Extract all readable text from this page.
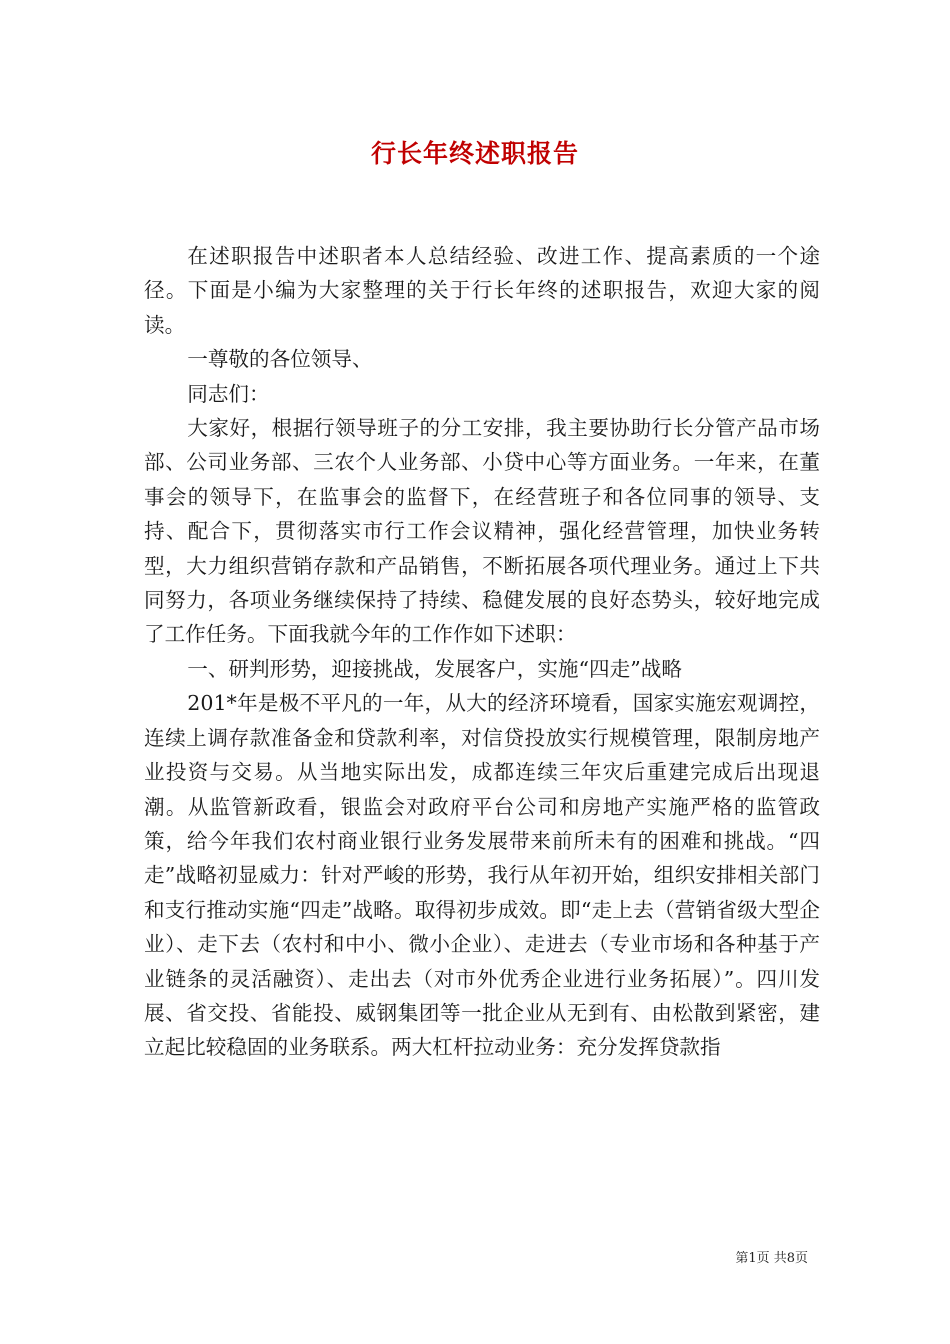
行长年终述职报告

在述职报告中述职者本人总结经验、改进工作、提高素质的一个途径。下面是小编为大家整理的关于行长年终的述职报告，欢迎大家的阅读。

一尊敬的各位领导、

同志们：

大家好，根据行领导班子的分工安排，我主要协助行长分管产品市场部、公司业务部、三农个人业务部、小贷中心等方面业务。一年来，在董事会的领导下，在监事会的监督下，在经营班子和各位同事的领导、支持、配合下，贯彻落实市行工作会议精神，强化经营管理，加快业务转型，大力组织营销存款和产品销售，不断拓展各项代理业务。通过上下共同努力，各项业务继续保持了持续、稳健发展的良好态势头，较好地完成了工作任务。下面我就今年的工作作如下述职：

一、研判形势，迎接挑战，发展客户，实施“四走”战略

201*年是极不平凡的一年，从大的经济环境看，国家实施宏观调控，连续上调存款准备金和贷款利率，对信贷投放实行规模管理，限制房地产业投资与交易。从当地实际出发，成都连续三年灾后重建完成后出现退潮。从监管新政看，银监会对政府平台公司和房地产实施严格的监管政策，给今年我们农村商业银行业务发展带来前所未有的困难和挑战。“四走”战略初显威力：针对严峻的形势，我行从年初开始，组织安排相关部门和支行推动实施“四走”战略。取得初步成效。即“走上去（营销省级大型企业）、走下去（农村和中小、微小企业）、走进去（专业市场和各种基于产业链条的灵活融资）、走出去（对市外优秀企业进行业务拓展）”。四川发展、省交投、省能投、威钢集团等一批企业从无到有、由松散到紧密，建立起比较稳固的业务联系。两大杠杆拉动业务：充分发挥贷款指

第1页 共8页
